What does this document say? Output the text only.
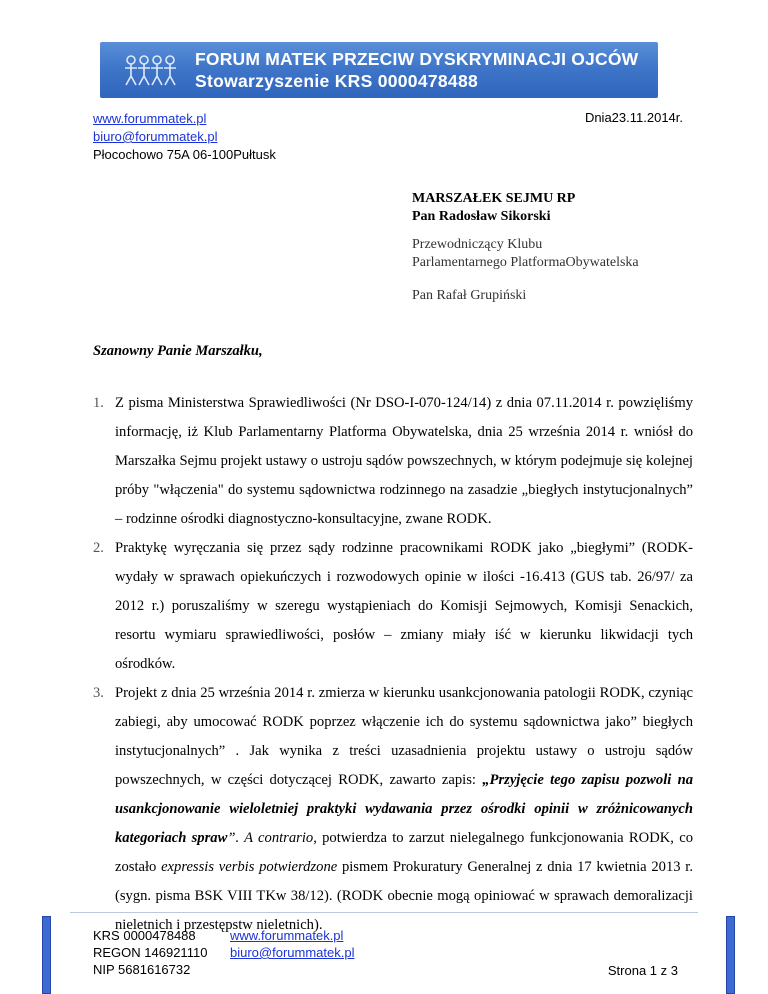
FORUM MATEK PRZECIW DYSKRYMINACJI OJCÓW
Stowarzyszenie KRS 0000478488
www.forummatek.pl
biuro@forummatek.pl
Płocochowo 75A 06-100Pułtusk
Dnia23.11.2014r.
MARSZAŁEK SEJMU RP
Pan Radosław Sikorski
Przewodniczący Klubu
Parlamentarnego PlatformaObywatelska
Pan Rafał Grupiński
Szanowny Panie Marszałku,
1. Z pisma Ministerstwa Sprawiedliwości (Nr DSO-I-070-124/14) z dnia 07.11.2014 r. powzięliśmy informację, iż Klub Parlamentarny Platforma Obywatelska, dnia 25 września 2014 r. wniósł do Marszałka Sejmu projekt ustawy o ustroju sądów powszechnych, w którym podejmuje się kolejnej próby "włączenia" do systemu sądownictwa rodzinnego na zasadzie „biegłych instytucjonalnych” – rodzinne ośrodki diagnostyczno-konsultacyjne, zwane RODK.
2. Praktykę wyręczania się przez sądy rodzinne pracownikami RODK jako „biegłymi” (RODK-wydały w sprawach opiekuńczych i rozwodowych opinie w ilości -16.413 (GUS tab. 26/97/ za 2012 r.) poruszaliśmy w szeregu wystąpieniach do Komisji Sejmowych, Komisji Senackich, resortu wymiaru sprawiedliwości, posłów – zmiany miały iść w kierunku likwidacji tych ośrodków.
3. Projekt z dnia 25 września 2014 r. zmierza w kierunku usankcjonowania patologii RODK, czyniąc zabiegi, aby umocować RODK poprzez włączenie ich do systemu sądownictwa jako” biegłych instytucjonalnych” . Jak wynika z treści uzasadnienia projektu ustawy o ustroju sądów powszechnych, w części dotyczącej RODK, zawarto zapis: „Przyjęcie tego zapisu pozwoli na usankcjonowanie wieloletniej praktyki wydawania przez ośrodki opinii w zróżnicowanych kategoriach spraw”. A contrario, potwierdza to zarzut nielegalnego funkcjonowania RODK, co zostało expressis verbis potwierdzone pismem Prokuratury Generalnej z dnia 17 kwietnia 2013 r. (sygn. pisma BSK VIII TKw 38/12). (RODK obecnie mogą opiniować w sprawach demoralizacji nieletnich i przestępstw nieletnich).
KRS 0000478488
REGON 146921110
NIP 5681616732
www.forummatek.pl
biuro@forummatek.pl
Strona 1 z 3
